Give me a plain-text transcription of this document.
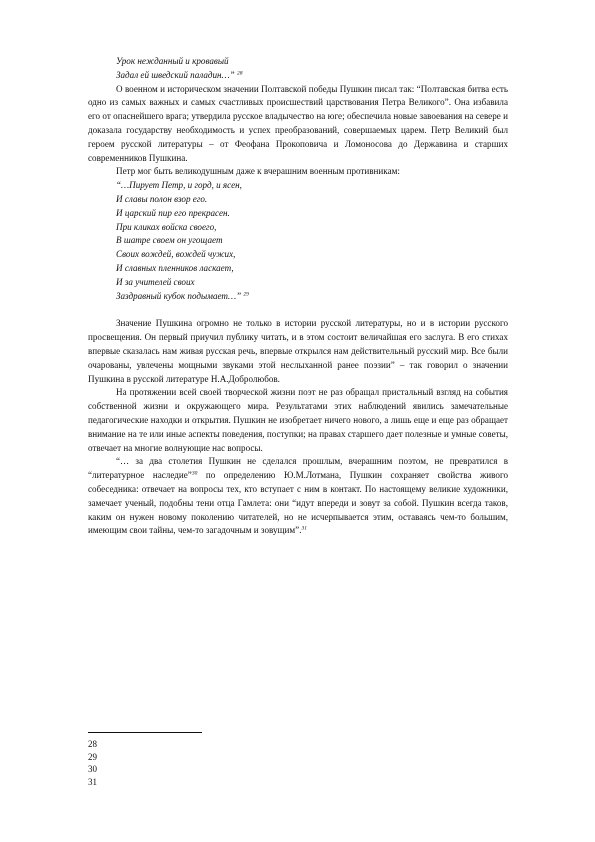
Урок нежданный и кровавый
Задал ей шведский паладин…” $^{28}$

О военном и историческом значении Полтавской победы Пушкин писал так: “Полтавская битва есть одно из самых важных и самых счастливых происшествий царствования Петра Великого”. Она избавила его от опаснейшего врага; утвердила русское владычество на юге; обеспечила новые завоевания на севере и доказала государству необходимость и успех преобразований, совершаемых царем. Петр Великий был героем русской литературы – от Феофана Прокоповича и Ломоносова до Державина и старших современников Пушкина.

Петр мог быть великодушным даже к вчерашним военным противникам:

“…Пирует Петр, и горд, и ясен,
И славы полон взор его.
И царский пир его прекрасен.
При кликах войска своего,
В шатре своем он угощает
Своих вождей, вождей чужих,
И славных пленников ласкает,
И за учителей своих
Заздравный кубок подымает…” $^{29}$

Значение Пушкина огромно не только в истории русской литературы, но и в истории русского просвещения. Он первый приучил публику читать, и в этом состоит величайшая его заслуга. В его стихах впервые сказалась нам живая русская речь, впервые открылся нам действительный русский мир. Все были очарованы, увлечены мощными звуками этой неслыханной ранее поэзии” – так говорил о значении Пушкина в русской литературе Н.А.Добролюбов.

На протяжении всей своей творческой жизни поэт не раз обращал пристальный взгляд на события собственной жизни и окружающего мира. Результатами этих наблюдений явились замечательные педагогические находки и открытия. Пушкин не изобретает ничего нового, а лишь еще и еще раз обращает внимание на те или иные аспекты поведения, поступки; на правах старшего дает полезные и умные советы, отвечает на многие волнующие нас вопросы.

“… за два столетия Пушкин не сделался прошлым, вчерашним поэтом, не превратился в “литературное наследие”$^{30}$ по определению Ю.М.Лотмана, Пушкин сохраняет свойства живого собеседника: отвечает на вопросы тех, кто вступает с ним в контакт. По настоящему великие художники, замечает ученый, подобны тени отца Гамлета: они “идут впереди и зовут за собой. Пушкин всегда таков, каким он нужен новому поколению читателей, но не исчерпывается этим, оставаясь чем-то большим, имеющим свои тайны, чем-то загадочным и зовущим”.$^{31}$

28
29
30
31
